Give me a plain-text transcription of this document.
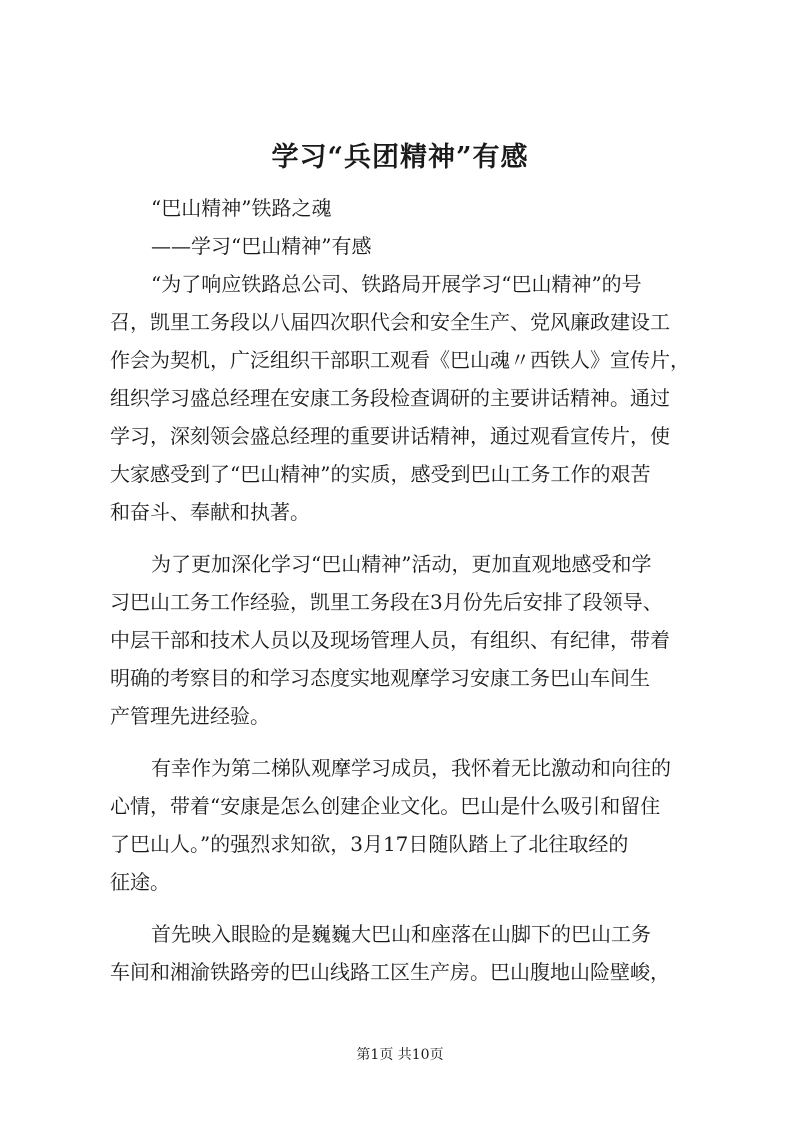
学习“兵团精神”有感

“巴山精神”铁路之魂

——学习“巴山精神”有感

“为了响应铁路总公司、铁路局开展学习“巴山精神”的号

召，凯里工务段以八届四次职代会和安全生产、党风廉政建设工

作会为契机，广泛组织干部职工观看《巴山魂〃西铁人》宣传片，

组织学习盛总经理在安康工务段检查调研的主要讲话精神。通过

学习，深刻领会盛总经理的重要讲话精神，通过观看宣传片，使

大家感受到了“巴山精神”的实质，感受到巴山工务工作的艰苦

和奋斗、奉献和执著。

为了更加深化学习“巴山精神”活动，更加直观地感受和学

习巴山工务工作经验，凯里工务段在3月份先后安排了段领导、

中层干部和技术人员以及现场管理人员，有组织、有纪律，带着

明确的考察目的和学习态度实地观摩学习安康工务巴山车间生

产管理先进经验。

有幸作为第二梯队观摩学习成员，我怀着无比激动和向往的

心情，带着“安康是怎么创建企业文化。巴山是什么吸引和留住

了巴山人。”的强烈求知欲，3月17日随队踏上了北往取经的

征途。

首先映入眼睑的是巍巍大巴山和座落在山脚下的巴山工务

车间和湘渝铁路旁的巴山线路工区生产房。巴山腹地山险壁峻，

第1页 共10页
